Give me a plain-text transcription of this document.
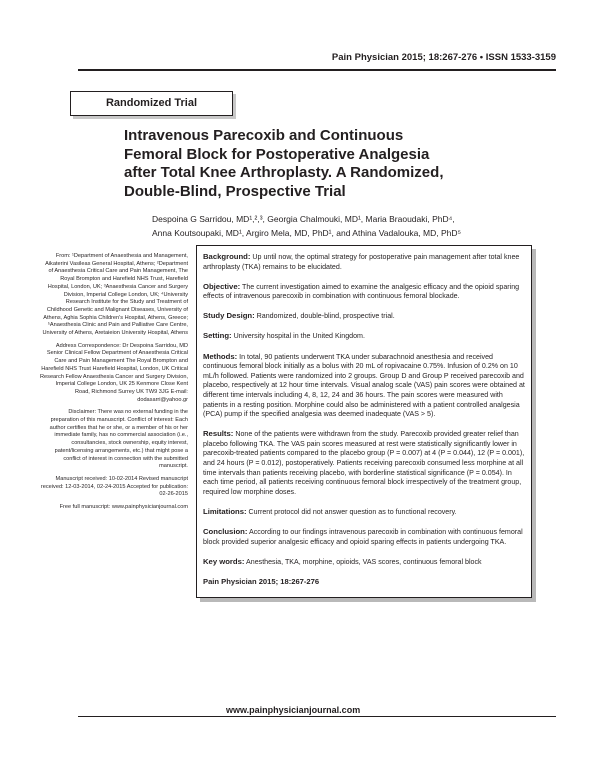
Pain Physician 2015; 18:267-276 • ISSN 1533-3159
Randomized Trial
Intravenous Parecoxib and Continuous Femoral Block for Postoperative Analgesia after Total Knee Arthroplasty. A Randomized, Double-Blind, Prospective Trial
Despoina G Sarridou, MD¹,²,³, Georgia Chalmouki, MD¹, Maria Braoudaki, PhD⁴,
Anna Koutsoupaki, MD¹, Argiro Mela, MD, PhD¹, and Athina Vadalouka, MD, PhD⁵

From: ¹Department of Anaesthesia and Management, Aikaterini Vasileas General Hospital, Athens; ²Department of Anaesthesia Critical Care and Pain Management, The Royal Brompton and Harefield NHS Trust, Harefield Hospital, London, UK; ³Anaesthesia Cancer and Surgery Division, Imperial College London, UK; ⁴University Research Institute for the Study and Treatment of Childhood Genetic and Malignant Diseases, University of Athens, Aghia Sophia Children's Hospital, Athens, Greece; ⁵Anaesthesia Clinic and Pain and Palliative Care Centre, University of Athens, Aretaieion University Hospital, Athens

Address Correspondence: Dr Despoina Sarridou, MD Senior Clinical Fellow Department of Anaesthesia Critical Care and Pain Management The Royal Brompton and Harefield NHS Trust Harefield Hospital, London, UK Critical Research Fellow Anaesthesia Cancer and Surgery Division, Imperial College London, UK 25 Kenmore Close Kent Road, Richmond Surrey UK TW9 3JG E-mail: dodasarri@yahoo.gr

Disclaimer: There was no external funding in the preparation of this manuscript. Conflict of interest: Each author certifies that he or she, or a member of his or her immediate family, has no commercial association (i.e., consultancies, stock ownership, equity interest, patent/licensing arrangements, etc.) that might pose a conflict of interest in connection with the submitted manuscript.

Manuscript received: 10-02-2014 Revised manuscript received: 12-03-2014, 02-24-2015 Accepted for publication: 02-26-2015

Free full manuscript: www.painphysicianjournal.com

Background: Up until now, the optimal strategy for postoperative pain management after total knee arthroplasty (TKA) remains to be elucidated.

Objective: The current investigation aimed to examine the analgesic efficacy and the opioid sparing effects of intravenous parecoxib in combination with continuous femoral blockade.

Study Design: Randomized, double-blind, prospective trial.

Setting: University hospital in the United Kingdom.

Methods: In total, 90 patients underwent TKA under subarachnoid anesthesia and received continuous femoral block initially as a bolus with 20 mL of ropivacaine 0.75%. Infusion of 0.2% on 10 mL/h followed. Patients were randomized into 2 groups. Group D and Group P received parecoxib and placebo, respectively at 12 hour time intervals. Visual analog scale (VAS) pain scores were obtained at different time intervals including 4, 8, 12, 24 and 36 hours. The pain scores were measured with patients in a resting position. Morphine could also be administered with a patient controlled analgesia (PCA) pump if the specified analgesia was deemed inadequate (VAS > 5).

Results: None of the patients were withdrawn from the study. Parecoxib provided greater relief than placebo following TKA. The VAS pain scores measured at rest were statistically significantly lower in parecoxib-treated patients compared to the placebo group (P = 0.007) at 4 (P = 0.044), 12 (P = 0.001), and 24 hours (P = 0.012), postoperatively. Patients receiving parecoxib consumed less morphine at all time intervals than patients receiving placebo, with borderline statistical significance (P = 0.054). In each time period, all patients receiving continuous femoral block irrespectively of the treatment group, required low morphine doses.

Limitations: Current protocol did not answer question as to functional recovery.

Conclusion: According to our findings intravenous parecoxib in combination with continuous femoral block provided superior analgesic efficacy and opioid sparing effects in patients undergoing TKA.

Key words: Anesthesia, TKA, morphine, opioids, VAS scores, continuous femoral block

Pain Physician 2015; 18:267-276

www.painphysicianjournal.com
